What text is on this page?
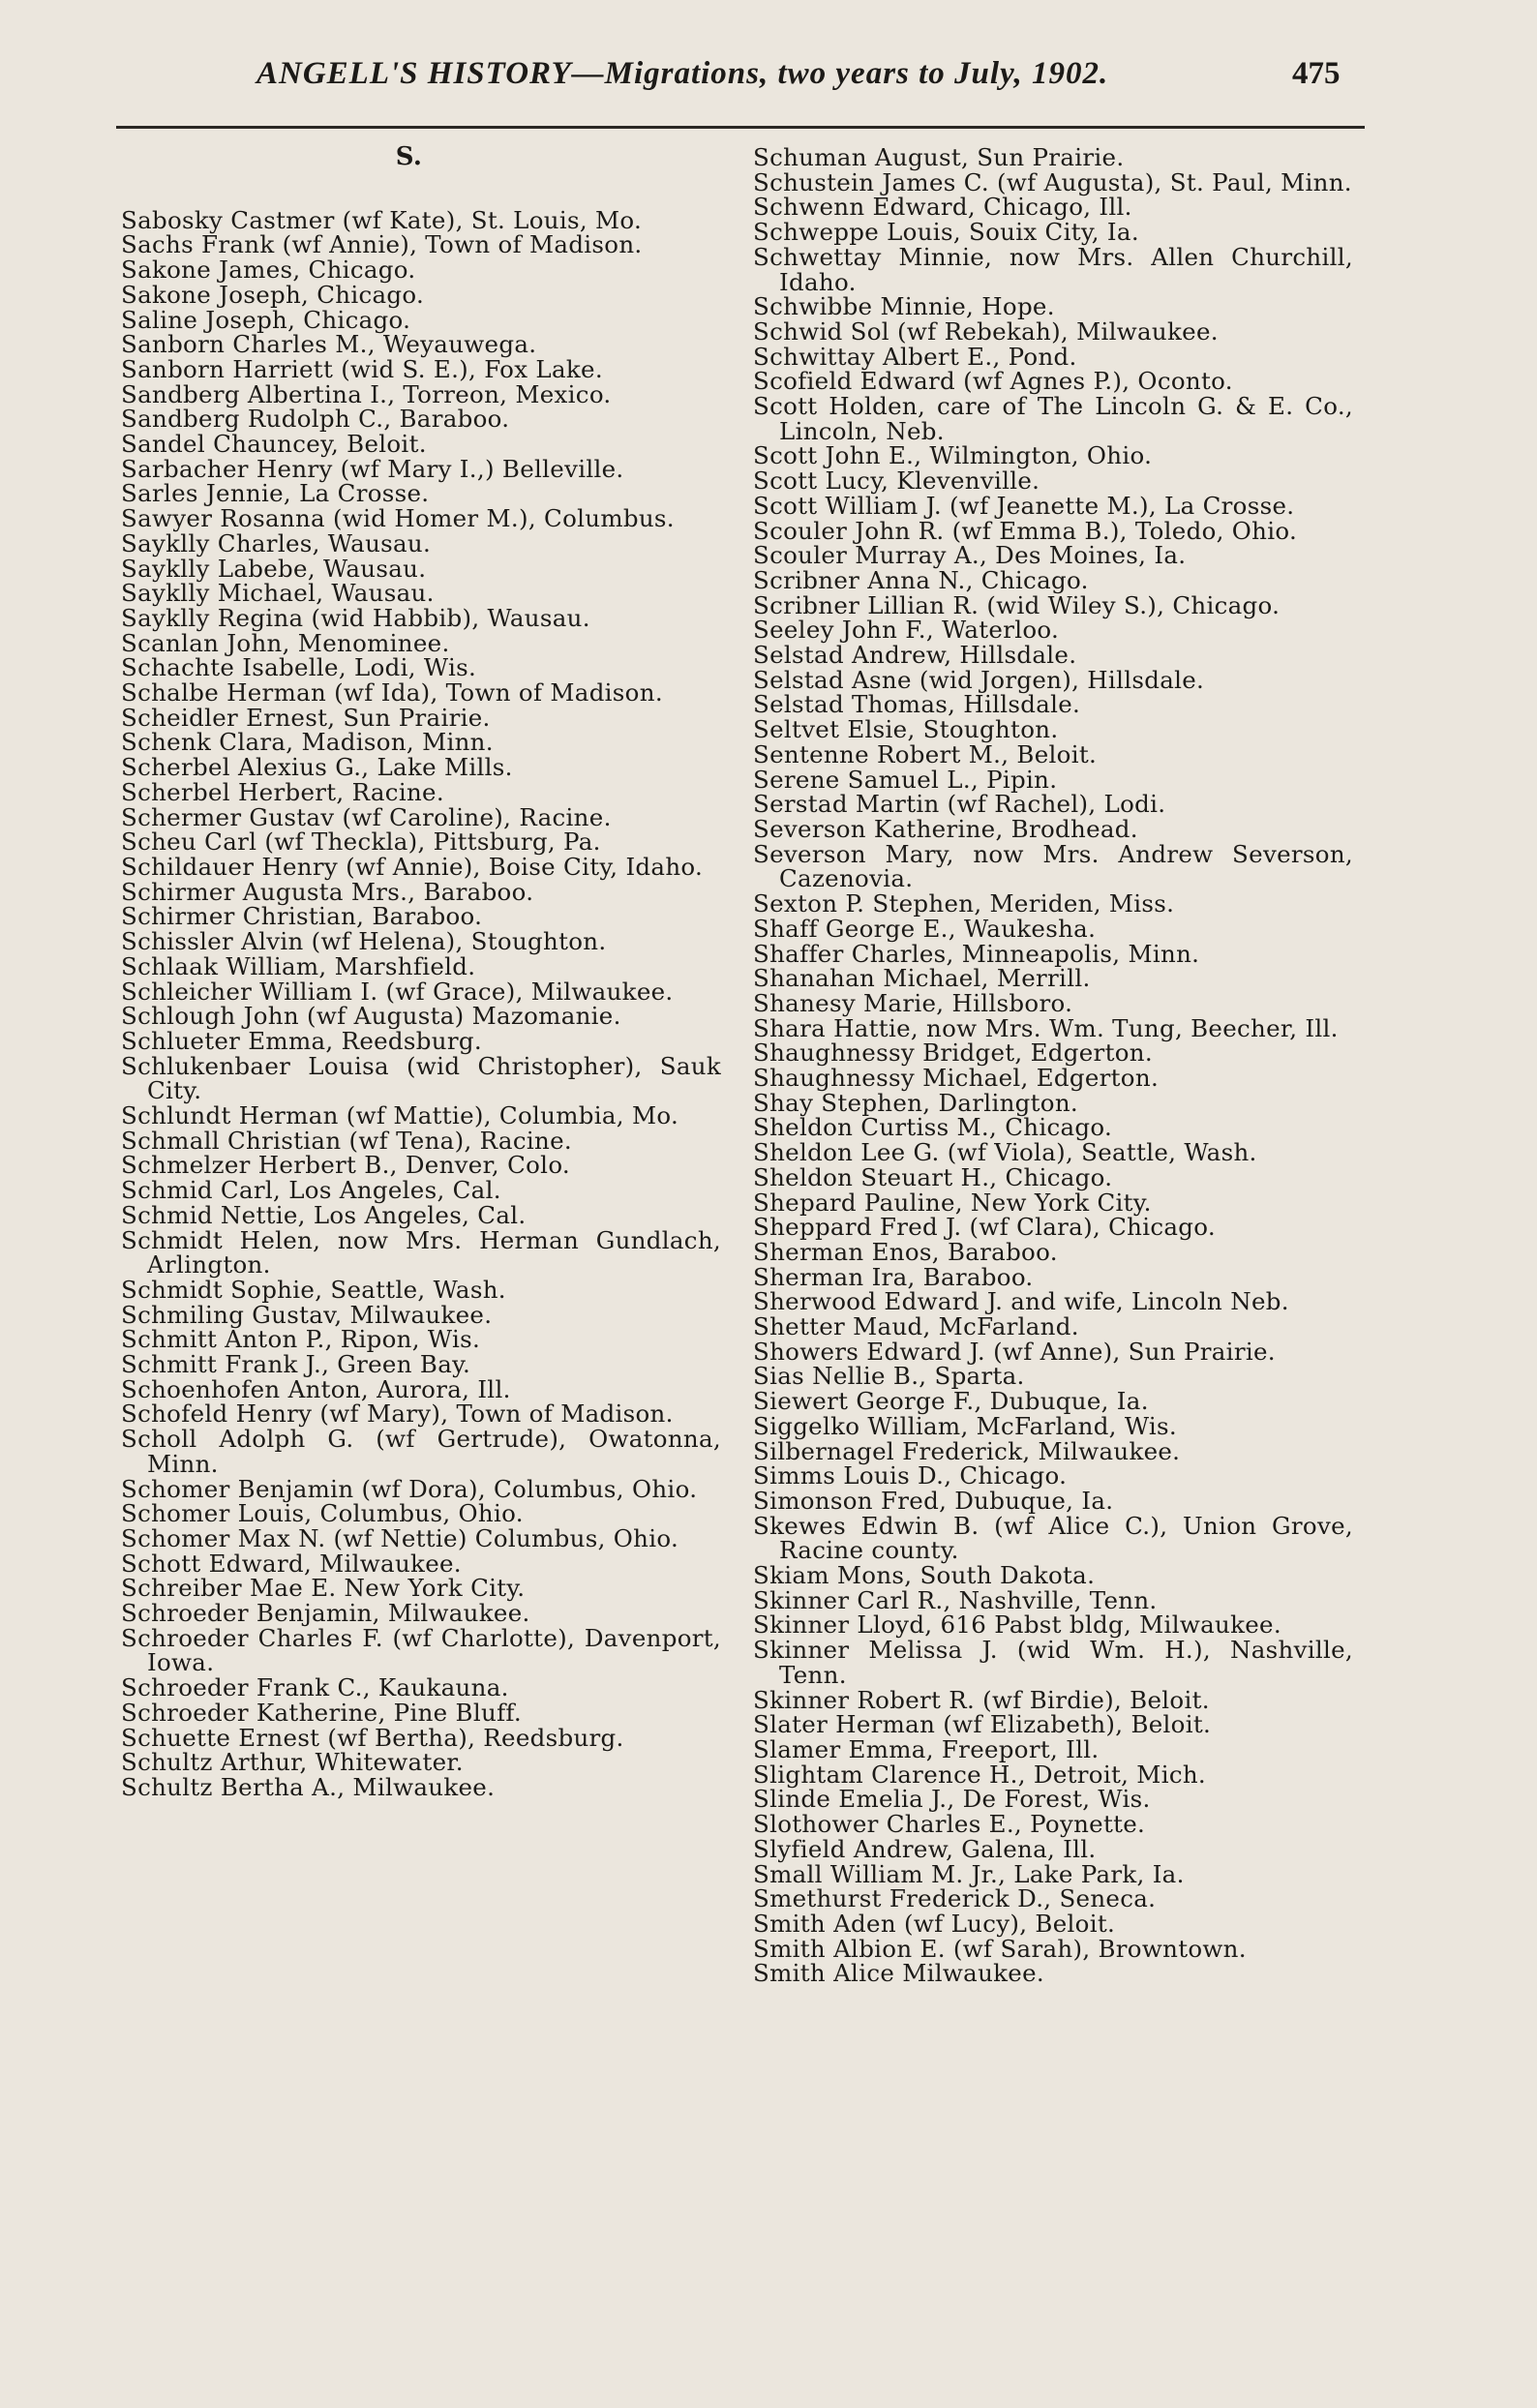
ANGELL'S HISTORY—Migrations, two years to July, 1902.	475
S.
Sabosky Castmer (wf Kate), St. Louis, Mo.
Sachs Frank (wf Annie), Town of Madison.
Sakone James, Chicago.
Sakone Joseph, Chicago.
Saline Joseph, Chicago.
Sanborn Charles M., Weyauwega.
Sanborn Harriett (wid S. E.), Fox Lake.
Sandberg Albertina I., Torreon, Mexico.
Sandberg Rudolph C., Baraboo.
Sandel Chauncey, Beloit.
Sarbacher Henry (wf Mary I.,) Belleville.
Sarles Jennie, La Crosse.
Sawyer Rosanna (wid Homer M.), Columbus.
Sayklly Charles, Wausau.
Sayklly Labebe, Wausau.
Sayklly Michael, Wausau.
Sayklly Regina (wid Habbib), Wausau.
Scanlan John, Menominee.
Schachte Isabelle, Lodi, Wis.
Schalbe Herman (wf Ida), Town of Madison.
Scheidler Ernest, Sun Prairie.
Schenk Clara, Madison, Minn.
Scherbel Alexius G., Lake Mills.
Scherbel Herbert, Racine.
Schermer Gustav (wf Caroline), Racine.
Scheu Carl (wf Theckla), Pittsburg, Pa.
Schildauer Henry (wf Annie), Boise City, Idaho.
Schirmer Augusta Mrs., Baraboo.
Schirmer Christian, Baraboo.
Schissler Alvin (wf Helena), Stoughton.
Schlaak William, Marshfield.
Schleicher William I. (wf Grace), Milwaukee.
Schlough John (wf Augusta) Mazomanie.
Schlueter Emma, Reedsburg.
Schlukenbaer Louisa (wid Christopher), Sauk City.
Schlundt Herman (wf Mattie), Columbia, Mo.
Schmall Christian (wf Tena), Racine.
Schmelzer Herbert B., Denver, Colo.
Schmid Carl, Los Angeles, Cal.
Schmid Nettie, Los Angeles, Cal.
Schmidt Helen, now Mrs. Herman Gundlach, Arlington.
Schmidt Sophie, Seattle, Wash.
Schmiling Gustav, Milwaukee.
Schmitt Anton P., Ripon, Wis.
Schmitt Frank J., Green Bay.
Schoenhofen Anton, Aurora, Ill.
Schofeld Henry (wf Mary), Town of Madison.
Scholl Adolph G. (wf Gertrude), Owatonna, Minn.
Schomer Benjamin (wf Dora), Columbus, Ohio.
Schomer Louis, Columbus, Ohio.
Schomer Max N. (wf Nettie) Columbus, Ohio.
Schott Edward, Milwaukee.
Schreiber Mae E. New York City.
Schroeder Benjamin, Milwaukee.
Schroeder Charles F. (wf Charlotte), Davenport, Iowa.
Schroeder Frank C., Kaukauna.
Schroeder Katherine, Pine Bluff.
Schuette Ernest (wf Bertha), Reedsburg.
Schultz Arthur, Whitewater.
Schultz Bertha A., Milwaukee.
Schuman August, Sun Prairie.
Schustein James C. (wf Augusta), St. Paul, Minn.
Schwenn Edward, Chicago, Ill.
Schweppe Louis, Souix City, Ia.
Schwettay Minnie, now Mrs. Allen Churchill, Idaho.
Schwibbe Minnie, Hope.
Schwid Sol (wf Rebekah), Milwaukee.
Schwittay Albert E., Pond.
Scofield Edward (wf Agnes P.), Oconto.
Scott Holden, care of The Lincoln G. & E. Co., Lincoln, Neb.
Scott John E., Wilmington, Ohio.
Scott Lucy, Klevenville.
Scott William J. (wf Jeanette M.), La Crosse.
Scouler John R. (wf Emma B.), Toledo, Ohio.
Scouler Murray A., Des Moines, Ia.
Scribner Anna N., Chicago.
Scribner Lillian R. (wid Wiley S.), Chicago.
Seeley John F., Waterloo.
Selstad Andrew, Hillsdale.
Selstad Asne (wid Jorgen), Hillsdale.
Selstad Thomas, Hillsdale.
Seltvet Elsie, Stoughton.
Sentenne Robert M., Beloit.
Serene Samuel L., Pipin.
Serstad Martin (wf Rachel), Lodi.
Severson Katherine, Brodhead.
Severson Mary, now Mrs. Andrew Severson, Cazenovia.
Sexton P. Stephen, Meriden, Miss.
Shaff George E., Waukesha.
Shaffer Charles, Minneapolis, Minn.
Shanahan Michael, Merrill.
Shanesy Marie, Hillsboro.
Shara Hattie, now Mrs. Wm. Tung, Beecher, Ill.
Shaughnessy Bridget, Edgerton.
Shaughnessy Michael, Edgerton.
Shay Stephen, Darlington.
Sheldon Curtiss M., Chicago.
Sheldon Lee G. (wf Viola), Seattle, Wash.
Sheldon Steuart H., Chicago.
Shepard Pauline, New York City.
Sheppard Fred J. (wf Clara), Chicago.
Sherman Enos, Baraboo.
Sherman Ira, Baraboo.
Sherwood Edward J. and wife, Lincoln Neb.
Shetter Maud, McFarland.
Showers Edward J. (wf Anne), Sun Prairie.
Sias Nellie B., Sparta.
Siewert George F., Dubuque, Ia.
Siggelko William, McFarland, Wis.
Silbernagel Frederick, Milwaukee.
Simms Louis D., Chicago.
Simonson Fred, Dubuque, Ia.
Skewes Edwin B. (wf Alice C.), Union Grove, Racine county.
Skiam Mons, South Dakota.
Skinner Carl R., Nashville, Tenn.
Skinner Lloyd, 616 Pabst bldg, Milwaukee.
Skinner Melissa J. (wid Wm. H.), Nashville, Tenn.
Skinner Robert R. (wf Birdie), Beloit.
Slater Herman (wf Elizabeth), Beloit.
Slamer Emma, Freeport, Ill.
Slightam Clarence H., Detroit, Mich.
Slinde Emelia J., De Forest, Wis.
Slothower Charles E., Poynette.
Slyfield Andrew, Galena, Ill.
Small William M. Jr., Lake Park, Ia.
Smethurst Frederick D., Seneca.
Smith Aden (wf Lucy), Beloit.
Smith Albion E. (wf Sarah), Browntown.
Smith Alice Milwaukee.
